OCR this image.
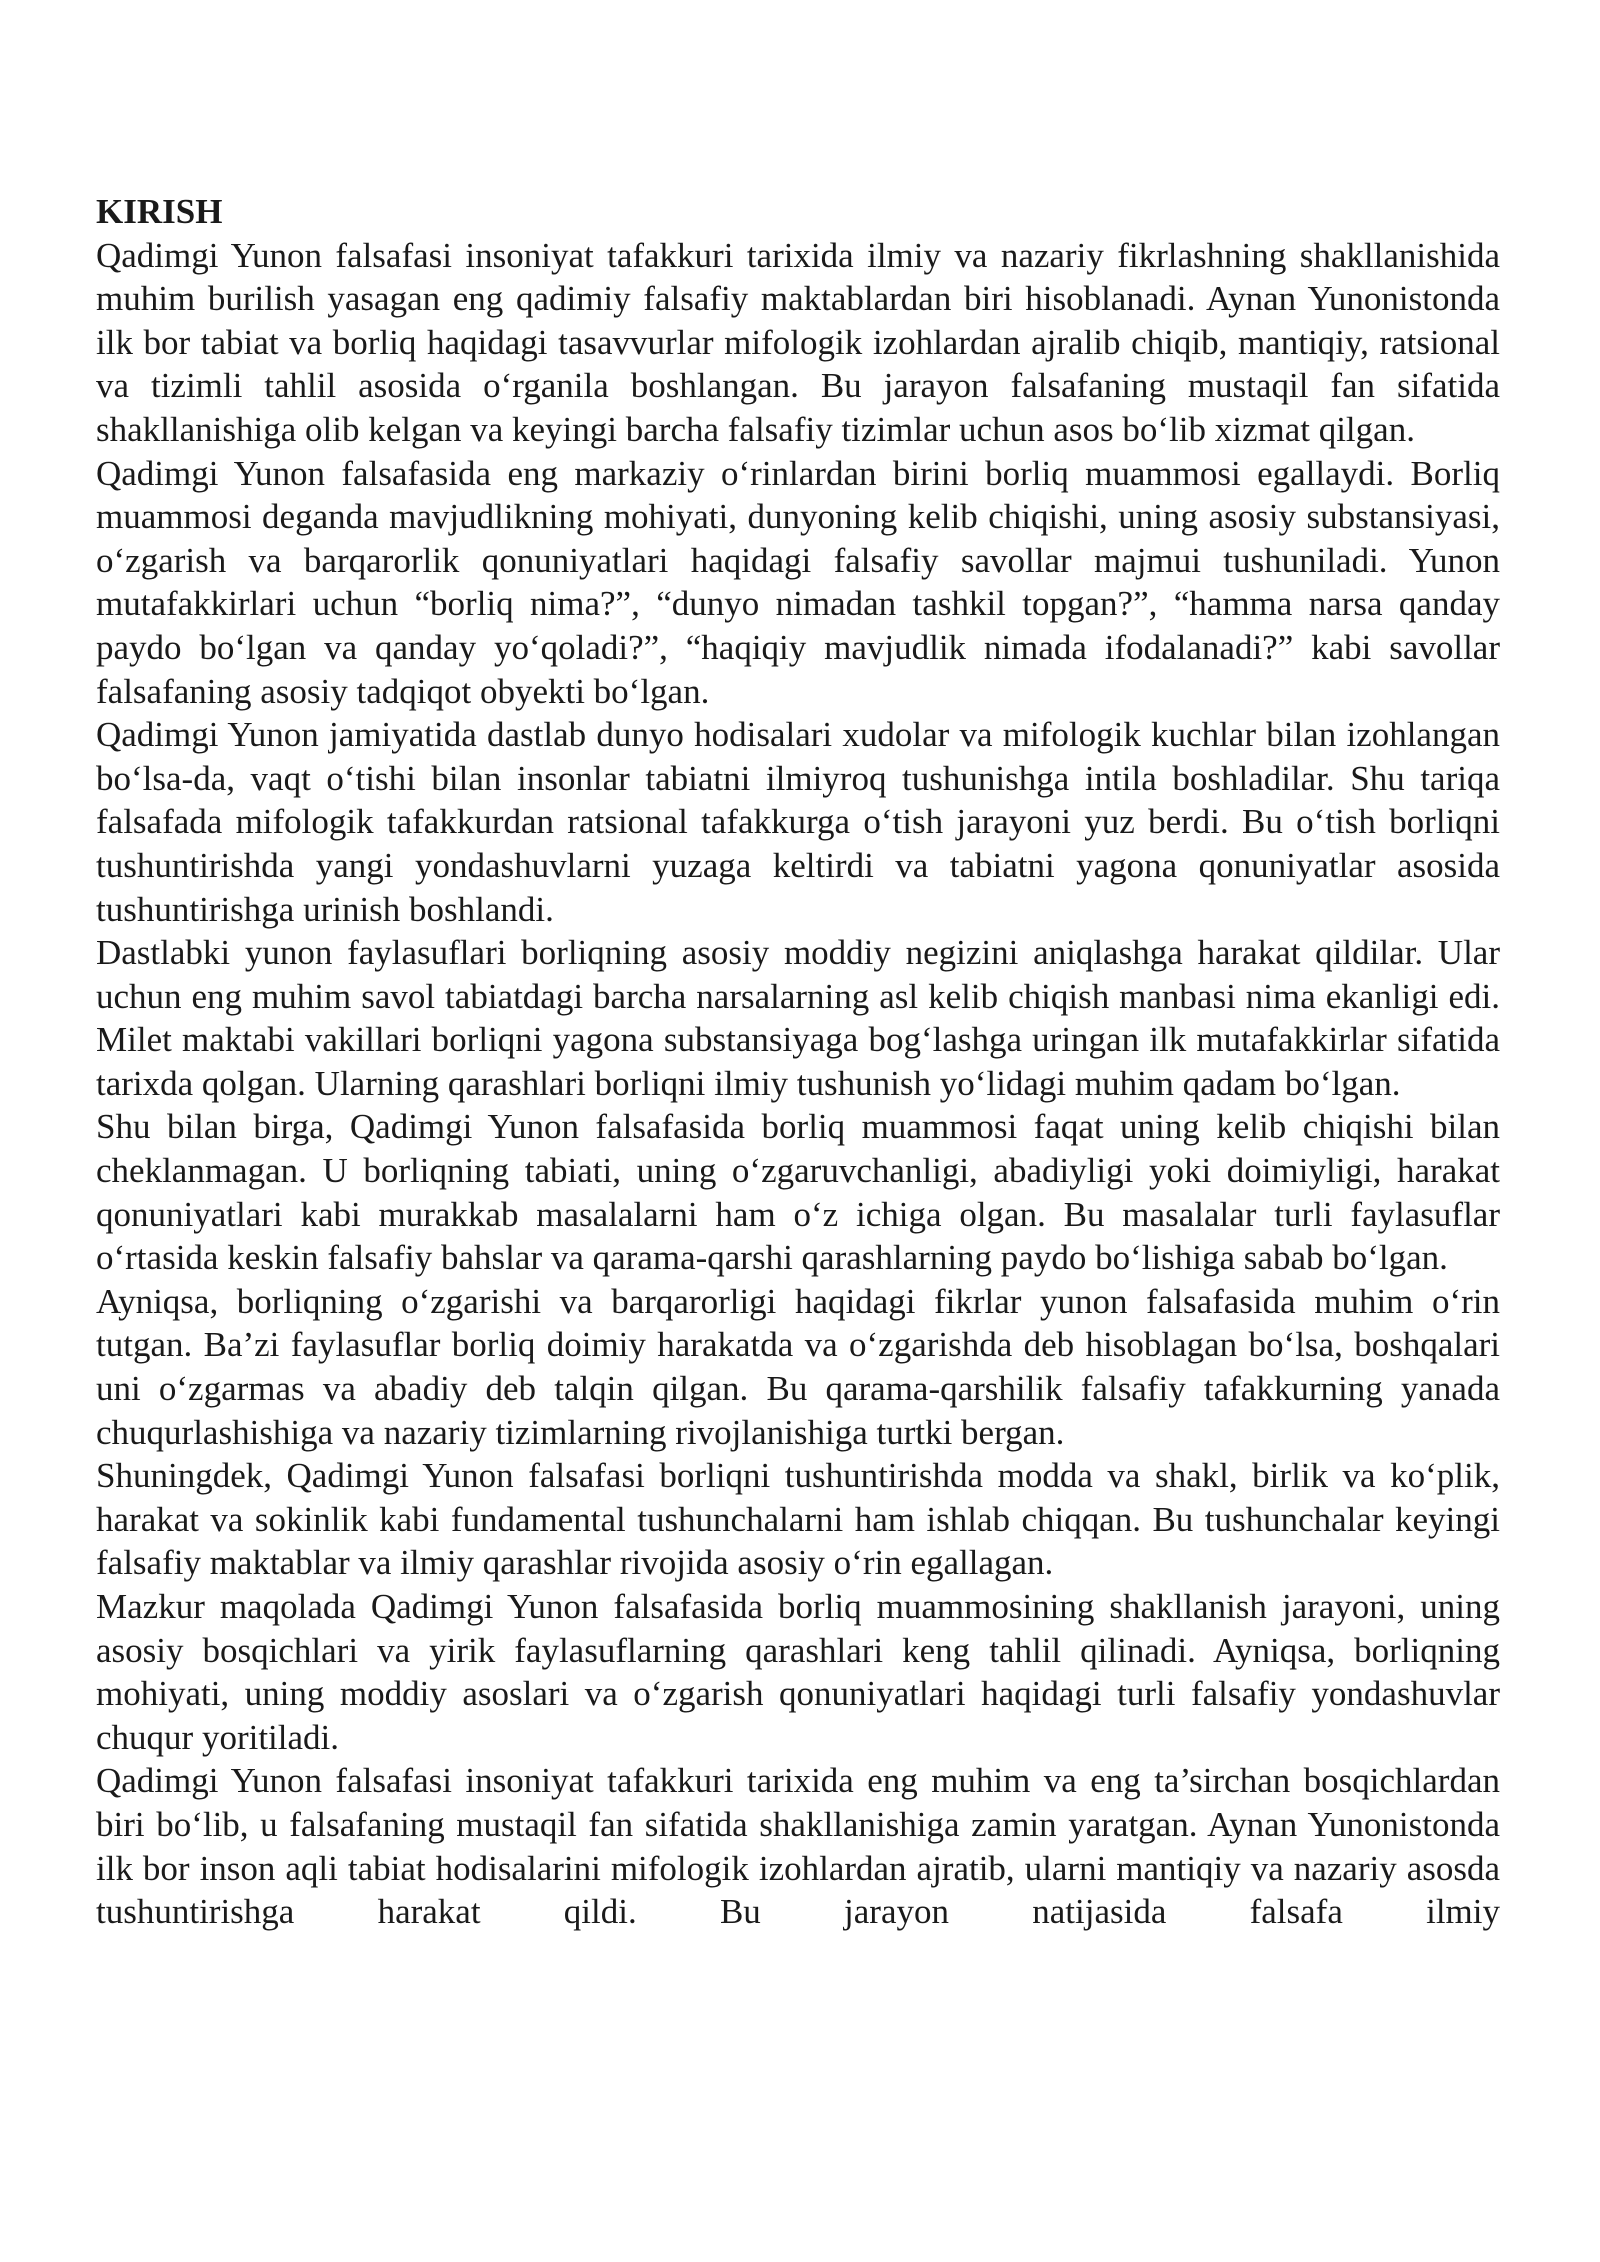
KIRISH

Qadimgi Yunon falsafasi insoniyat tafakkuri tarixida ilmiy va nazariy fikrlashning shakllanishida muhim burilish yasagan eng qadimiy falsafiy maktablardan biri hisoblanadi. Aynan Yunonistonda ilk bor tabiat va borliq haqidagi tasavvurlar mifologik izohlardan ajralib chiqib, mantiqiy, ratsional va tizimli tahlil asosida o‘rganila boshlangan. Bu jarayon falsafaning mustaqil fan sifatida shakllanishiga olib kelgan va keyingi barcha falsafiy tizimlar uchun asos bo‘lib xizmat qilgan.

Qadimgi Yunon falsafasida eng markaziy o‘rinlardan birini borliq muammosi egallaydi. Borliq muammosi deganda mavjudlikning mohiyati, dunyoning kelib chiqishi, uning asosiy substansiyasi, o‘zgarish va barqarorlik qonuniyatlari haqidagi falsafiy savollar majmui tushuniladi. Yunon mutafakkirlari uchun “borliq nima?”, “dunyo nimadan tashkil topgan?”, “hamma narsa qanday paydo bo‘lgan va qanday yo‘qoladi?”, “haqiqiy mavjudlik nimada ifodalanadi?” kabi savollar falsafaning asosiy tadqiqot obyekti bo‘lgan.

Qadimgi Yunon jamiyatida dastlab dunyo hodisalari xudolar va mifologik kuchlar bilan izohlangan bo‘lsa-da, vaqt o‘tishi bilan insonlar tabiatni ilmiyroq tushunishga intila boshladilar. Shu tariqa falsafada mifologik tafakkurdan ratsional tafakkurga o‘tish jarayoni yuz berdi. Bu o‘tish borliqni tushuntirishda yangi yondashuvlarni yuzaga keltirdi va tabiatni yagona qonuniyatlar asosida tushuntirishga urinish boshlandi.

Dastlabki yunon faylasuflari borliqning asosiy moddiy negizini aniqlashga harakat qildilar. Ular uchun eng muhim savol tabiatdagi barcha narsalarning asl kelib chiqish manbasi nima ekanligi edi. Milet maktabi vakillari borliqni yagona substansiyaga bog‘lashga uringan ilk mutafakkirlar sifatida tarixda qolgan. Ularning qarashlari borliqni ilmiy tushunish yo‘lidagi muhim qadam bo‘lgan.

Shu bilan birga, Qadimgi Yunon falsafasida borliq muammosi faqat uning kelib chiqishi bilan cheklanmagan. U borliqning tabiati, uning o‘zgaruvchanligi, abadiyligi yoki doimiyligi, harakat qonuniyatlari kabi murakkab masalalarni ham o‘z ichiga olgan. Bu masalalar turli faylasuflar o‘rtasida keskin falsafiy bahslar va qarama-qarshi qarashlarning paydo bo‘lishiga sabab bo‘lgan.

Ayniqsa, borliqning o‘zgarishi va barqarorligi haqidagi fikrlar yunon falsafasida muhim o‘rin tutgan. Ba’zi faylasuflar borliq doimiy harakatda va o‘zgarishda deb hisoblagan bo‘lsa, boshqalari uni o‘zgarmas va abadiy deb talqin qilgan. Bu qarama-qarshilik falsafiy tafakkurning yanada chuqurlashishiga va nazariy tizimlarning rivojlanishiga turtki bergan.

Shuningdek, Qadimgi Yunon falsafasi borliqni tushuntirishda modda va shakl, birlik va ko‘plik, harakat va sokinlik kabi fundamental tushunchalarni ham ishlab chiqqan. Bu tushunchalar keyingi falsafiy maktablar va ilmiy qarashlar rivojida asosiy o‘rin egallagan.

Mazkur maqolada Qadimgi Yunon falsafasida borliq muammosining shakllanish jarayoni, uning asosiy bosqichlari va yirik faylasuflarning qarashlari keng tahlil qilinadi. Ayniqsa, borliqning mohiyati, uning moddiy asoslari va o‘zgarish qonuniyatlari haqidagi turli falsafiy yondashuvlar chuqur yoritiladi.

Qadimgi Yunon falsafasi insoniyat tafakkuri tarixida eng muhim va eng ta’sirchan bosqichlardan biri bo‘lib, u falsafaning mustaqil fan sifatida shakllanishiga zamin yaratgan. Aynan Yunonistonda ilk bor inson aqli tabiat hodisalarini mifologik izohlardan ajratib, ularni mantiqiy va nazariy asosda tushuntirishga harakat qildi. Bu jarayon natijasida falsafa ilmiy
